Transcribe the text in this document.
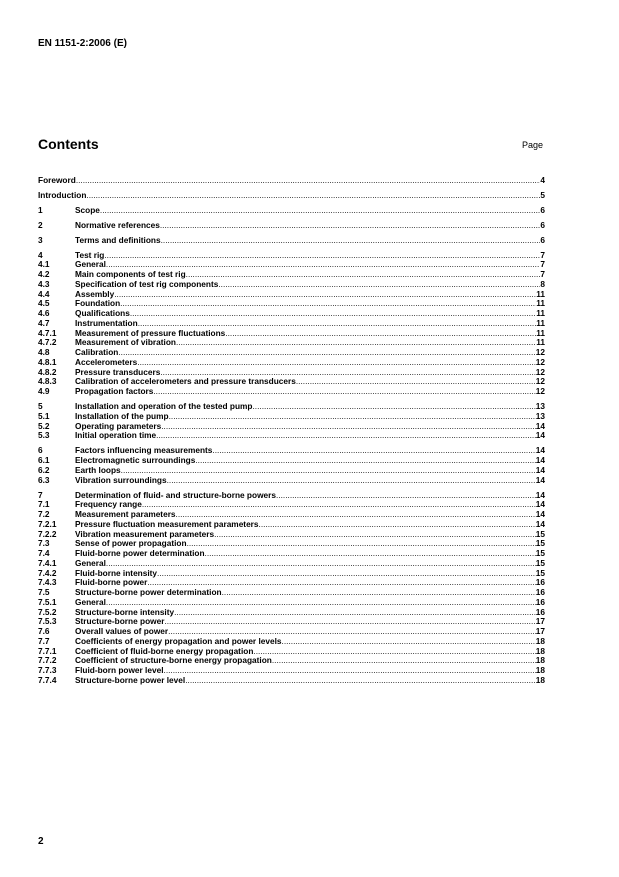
EN 1151-2:2006 (E)
Contents	Page
Foreword .....	4
Introduction .....	5
1	Scope .....	6
2	Normative references .....	6
3	Terms and definitions .....	6
4	Test rig .....	7
4.1	General .....	7
4.2	Main components of test rig .....	7
4.3	Specification of test rig components .....	8
4.4	Assembly .....	11
4.5	Foundation .....	11
4.6	Qualifications .....	11
4.7	Instrumentation .....	11
4.7.1	Measurement of pressure fluctuations .....	11
4.7.2	Measurement of vibration .....	11
4.8	Calibration .....	12
4.8.1	Accelerometers .....	12
4.8.2	Pressure transducers .....	12
4.8.3	Calibration of accelerometers and pressure transducers .....	12
4.9	Propagation factors .....	12
5	Installation and operation of the tested pump .....	13
5.1	Installation of the pump .....	13
5.2	Operating parameters .....	14
5.3	Initial operation time .....	14
6	Factors influencing measurements .....	14
6.1	Electromagnetic surroundings .....	14
6.2	Earth loops .....	14
6.3	Vibration surroundings .....	14
7	Determination of fluid- and structure-borne powers .....	14
7.1	Frequency range .....	14
7.2	Measurement parameters .....	14
7.2.1	Pressure fluctuation measurement parameters .....	14
7.2.2	Vibration measurement parameters .....	15
7.3	Sense of power propagation .....	15
7.4	Fluid-borne power determination .....	15
7.4.1	General .....	15
7.4.2	Fluid-borne intensity .....	15
7.4.3	Fluid-borne power .....	16
7.5	Structure-borne power determination .....	16
7.5.1	General .....	16
7.5.2	Structure-borne intensity .....	16
7.5.3	Structure-borne power .....	17
7.6	Overall values of power .....	17
7.7	Coefficients of energy propagation and power levels .....	18
7.7.1	Coefficient of fluid-borne energy propagation .....	18
7.7.2	Coefficient of structure-borne energy propagation .....	18
7.7.3	Fluid-born power level .....	18
7.7.4	Structure-borne power level .....	18
2
